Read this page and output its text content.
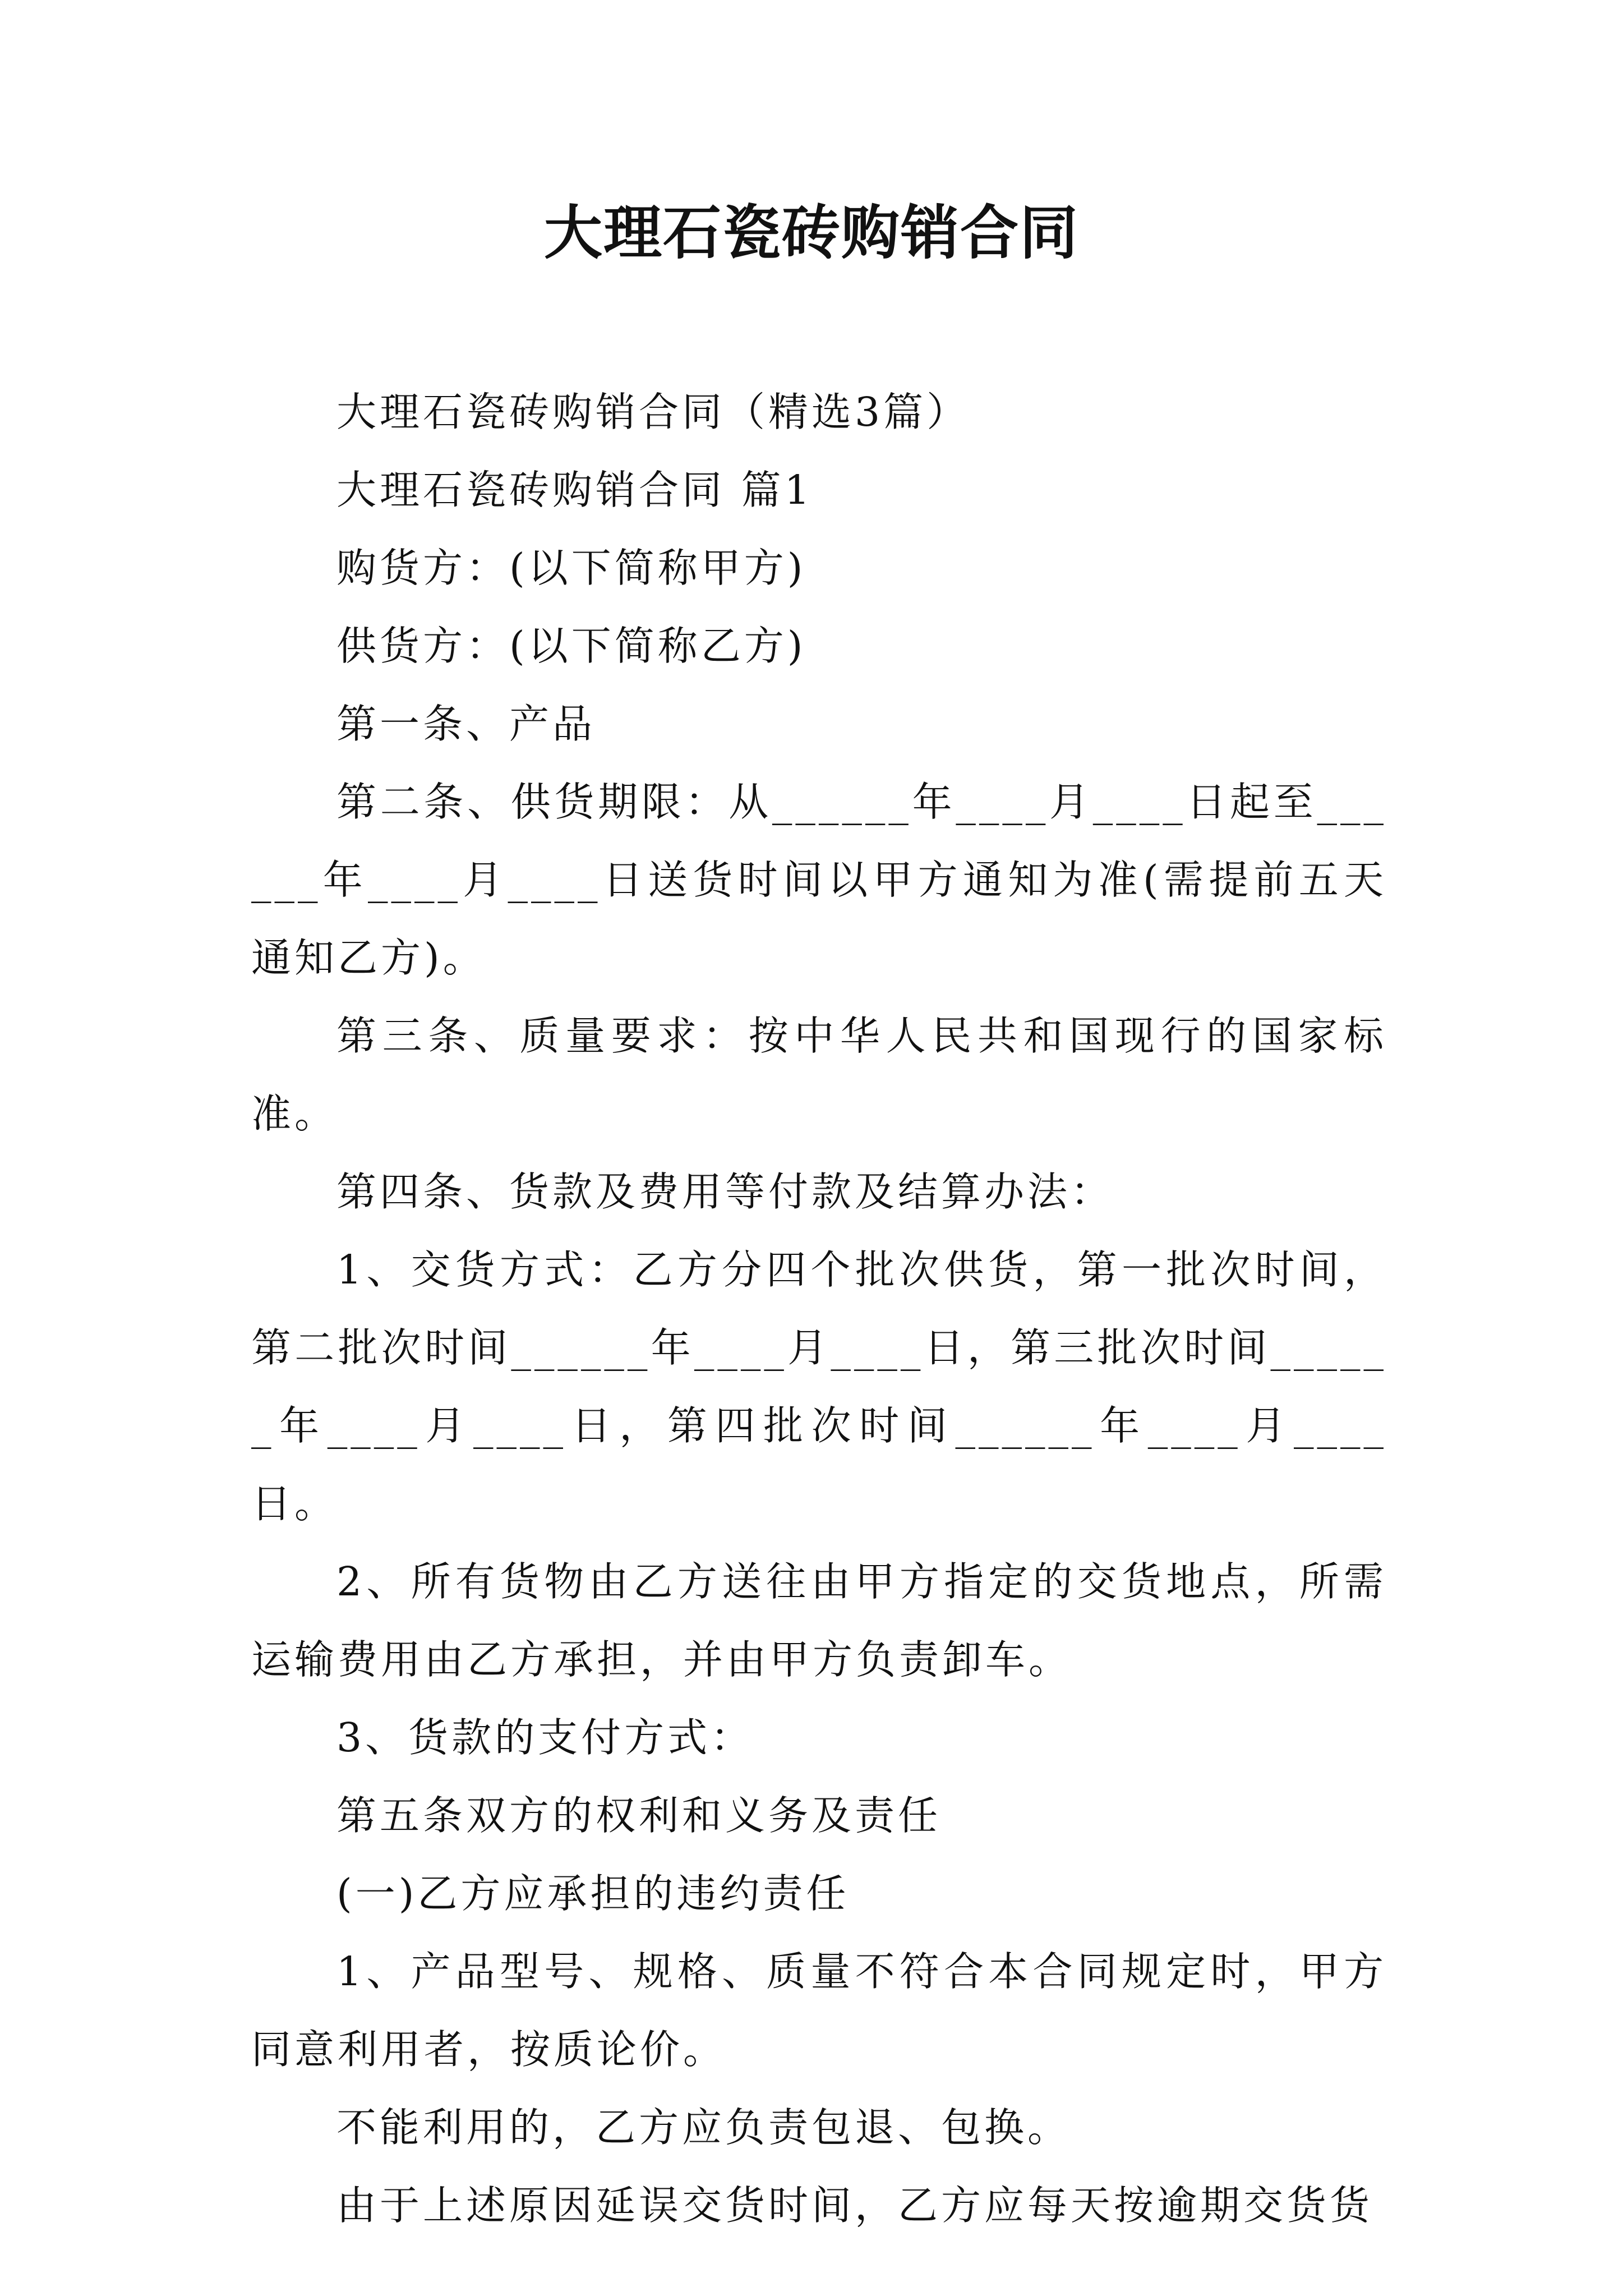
大理石瓷砖购销合同

大理石瓷砖购销合同（精选3篇）

大理石瓷砖购销合同 篇1

购货方：(以下简称甲方)

供货方：(以下简称乙方)

第一条、产品

第二条、供货期限：从______年____月____日起至______年____月____日送货时间以甲方通知为准(需提前五天通知乙方)。

第三条、质量要求：按中华人民共和国现行的国家标准。

第四条、货款及费用等付款及结算办法：

1、交货方式：乙方分四个批次供货，第一批次时间，第二批次时间______年____月____日，第三批次时间______年____月____日，第四批次时间______年____月____日。

2、所有货物由乙方送往由甲方指定的交货地点，所需运输费用由乙方承担，并由甲方负责卸车。

3、货款的支付方式：

第五条双方的权利和义务及责任

(一)乙方应承担的违约责任

1、产品型号、规格、质量不符合本合同规定时，甲方同意利用者，按质论价。

不能利用的，乙方应负责包退、包换。

由于上述原因延误交货时间，乙方应每天按逾期交货货
